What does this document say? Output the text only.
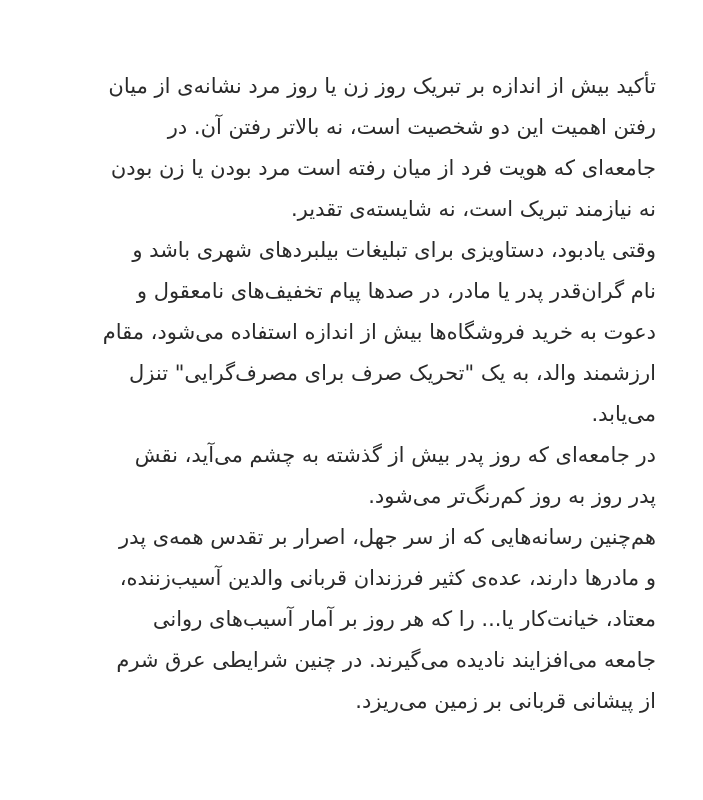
تأکید بیش از اندازه بر تبریک روز زن یا روز مرد نشانه‌ی از میان
رفتن اهمیت این دو شخصیت است، نه بالاتر رفتن آن. در
جامعه‌ای که هویت فرد از میان رفته است مرد بودن یا زن بودن
نه نیازمند تبریک است، نه شایسته‌ی تقدیر.
وقتی یادبود، دستاویزی برای تبلیغات بیلبردهای شهری باشد و
نام گران‌قدر پدر یا مادر، در صدها پیام تخفیف‌های نامعقول و
دعوت به خرید فروشگاه‌ها بیش از اندازه استفاده می‌شود، مقام
ارزشمند والد، به یک "تحریک صرف برای مصرف‌گرایی" تنزل
می‌یابد.
در جامعه‌ای که روز پدر بیش از گذشته به چشم می‌آید، نقش
پدر روز به روز کم‌رنگ‌تر می‌شود.
هم‌چنین رسانه‌هایی که از سر جهل، اصرار بر تقدس همه‌ی پدر
و مادرها دارند، عده‌ی کثیر فرزندان قربانی والدین آسیب‌زننده،
معتاد، خیانت‌کار یا... را که هر روز بر آمار آسیب‌های روانی
جامعه می‌افزایند نادیده می‌گیرند. در چنین شرایطی عرق شرم
از پیشانی قربانی بر زمین می‌ریزد.
